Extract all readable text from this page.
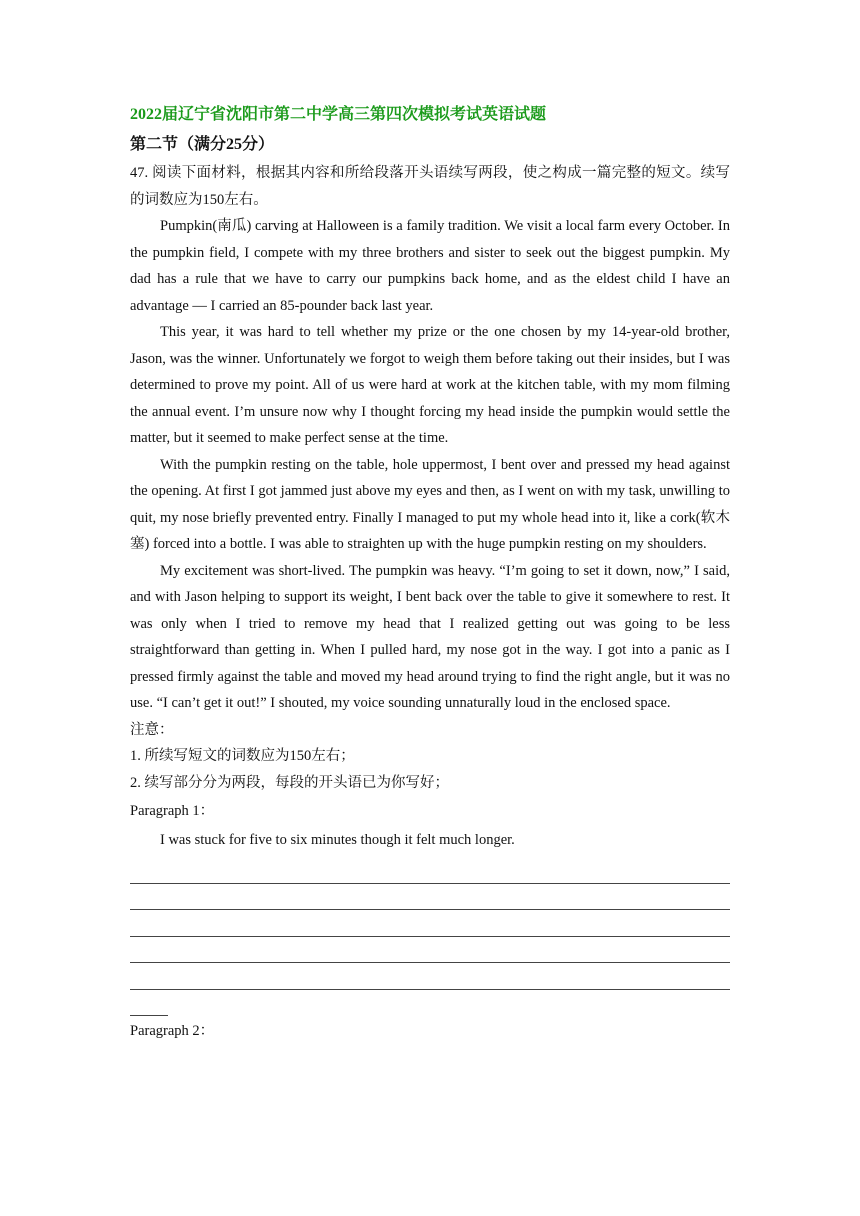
2022届辽宁省沈阳市第二中学高三第四次模拟考试英语试题

第二节（满分25分）

47. 阅读下面材料，根据其内容和所给段落开头语续写两段，使之构成一篇完整的短文。续写的词数应为150左右。

Pumpkin(南瓜) carving at Halloween is a family tradition. We visit a local farm every October. In the pumpkin field, I compete with my three brothers and sister to seek out the biggest pumpkin. My dad has a rule that we have to carry our pumpkins back home, and as the eldest child I have an advantage — I carried an 85-pounder back last year.

This year, it was hard to tell whether my prize or the one chosen by my 14-year-old brother, Jason, was the winner. Unfortunately we forgot to weigh them before taking out their insides, but I was determined to prove my point. All of us were hard at work at the kitchen table, with my mom filming the annual event. I’m unsure now why I thought forcing my head inside the pumpkin would settle the matter, but it seemed to make perfect sense at the time.

With the pumpkin resting on the table, hole uppermost, I bent over and pressed my head against the opening. At first I got jammed just above my eyes and then, as I went on with my task, unwilling to quit, my nose briefly prevented entry. Finally I managed to put my whole head into it, like a cork(软木塞) forced into a bottle. I was able to straighten up with the huge pumpkin resting on my shoulders.

My excitement was short-lived. The pumpkin was heavy. “I’m going to set it down, now,” I said, and with Jason helping to support its weight, I bent back over the table to give it somewhere to rest. It was only when I tried to remove my head that I realized getting out was going to be less straightforward than getting in. When I pulled hard, my nose got in the way. I got into a panic as I pressed firmly against the table and moved my head around trying to find the right angle, but it was no use. “I can’t get it out!” I shouted, my voice sounding unnaturally loud in the enclosed space.

注意：

1. 所续写短文的词数应为150左右；

2. 续写部分分为两段，每段的开头语已为你写好；

Paragraph 1：

I was stuck for five to six minutes though it felt much longer.

Paragraph 2：
